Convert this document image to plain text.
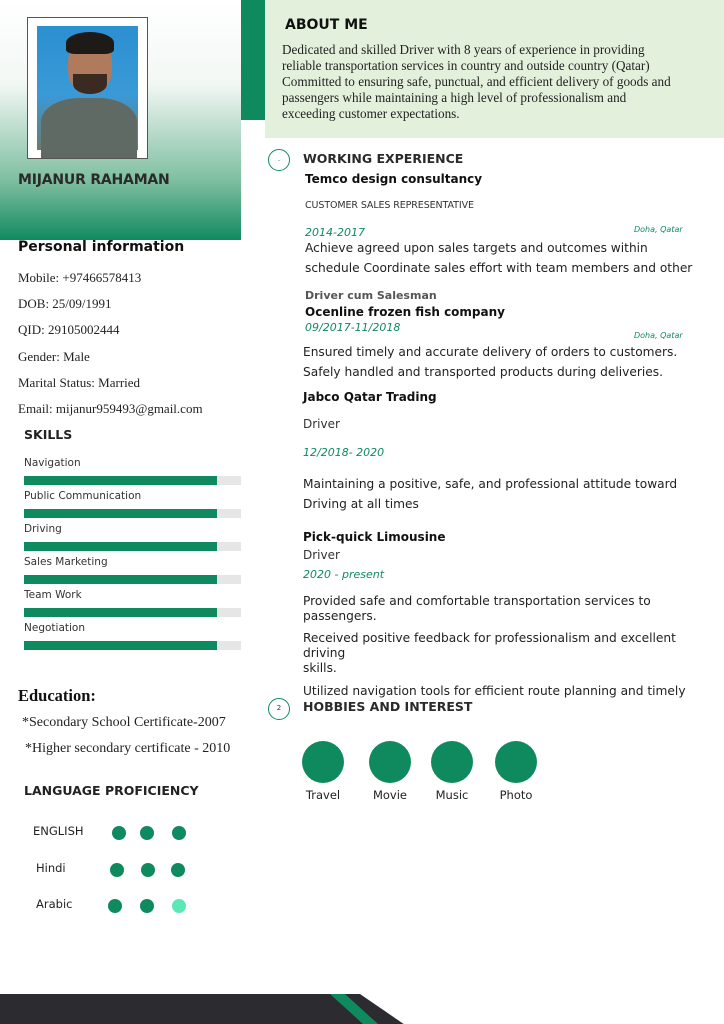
MIJANUR RAHAMAN
ABOUT ME
Dedicated and skilled Driver with 8 years of experience in providing
reliable transportation services in country and outside country (Qatar)
Committed to ensuring safe, punctual, and efficient delivery of goods and
passengers while maintaining a high level of professionalism and
exceeding customer expectations.
Personal information
Mobile: +97466578413
DOB: 25/09/1991
QID: 29105002444
Gender: Male
Marital Status: Married
Email: mijanur959493@gmail.com
SKILLS
Navigation
Public Communication
Driving
Sales Marketing
Team Work
Negotiation
Education:
*Secondary School Certificate-2007
*Higher secondary certificate - 2010
LANGUAGE PROFICIENCY
ENGLISH
Hindi
Arabic
.	WORKING EXPERIENCE
Temco design consultancy
CUSTOMER SALES REPRESENTATIVE
2014-2017	Doha, Qatar
Achieve agreed upon sales targets and outcomes within
schedule Coordinate sales effort with team members and other
Driver cum Salesman
Ocenline frozen fish company
09/2017-11/2018
Doha, Qatar
Ensured timely and accurate delivery of orders to customers.
Safely handled and transported products during deliveries.
Jabco Qatar Trading
Driver
12/2018- 2020
Maintaining a positive, safe, and professional attitude toward
Driving at all times
Pick-quick Limousine
Driver
2020 - present
Provided safe and comfortable transportation services to passengers.
Received positive feedback for professionalism and excellent driving
skills.
Utilized navigation tools for efficient route planning and timely
2	HOBBIES AND INTEREST
Travel	Movie	Music	Photo
